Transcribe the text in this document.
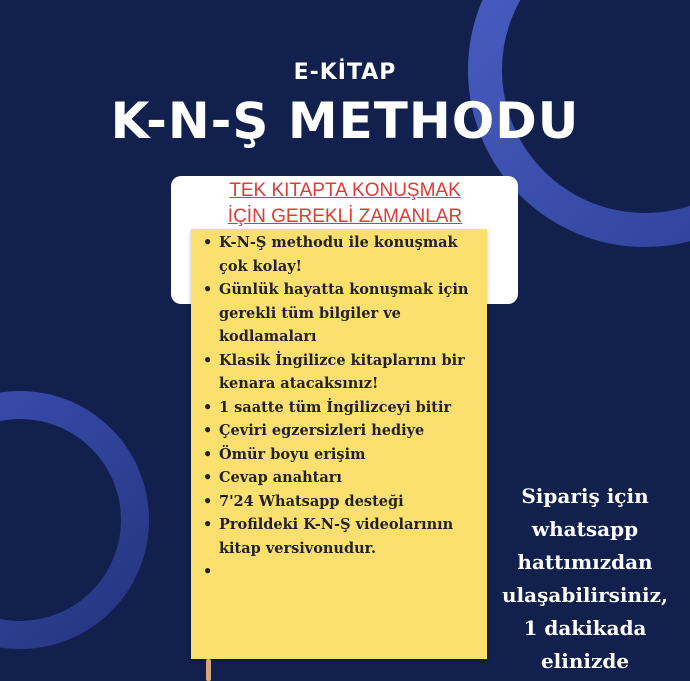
E-KİTAP
K-N-Ş METHODU
TEK KITAPTA KONUŞMAK
İÇİN GEREKLİ ZAMANLAR
• K-N-Ş methodu ile konuşmak çok kolay!
• Günlük hayatta konuşmak için gerekli tüm bilgiler ve kodlamaları
• Klasik İngilizce kitaplarını bir kenara atacaksınız!
• 1 saatte tüm İngilizceyi bitir
• Çeviri egzersizleri hediye
• Ömür boyu erişim
• Cevap anahtarı
• 7'24 Whatsapp desteği
• Profildeki K-N-Ş videolarının kitap versivonudur.
Sipariş için
whatsapp
hattımızdan
ulaşabilirsiniz,
1 dakikada
elinizde
